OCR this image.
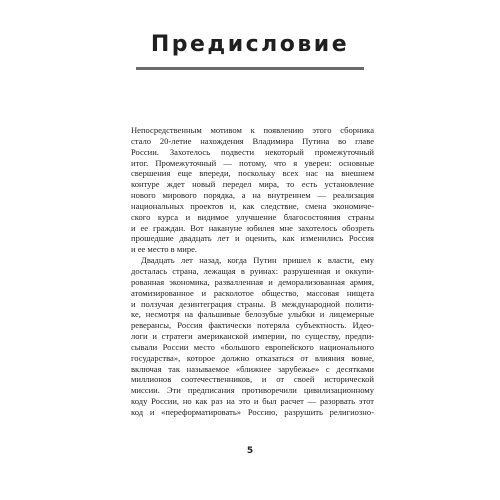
Предисловие

Непосредственным мотивом к появлению этого сборника
стало 20-летие нахождения Владимира Путина во главе
России. Захотелось подвести некоторый промежуточный
итог. Промежуточный — потому, что я уверен: основные
свершения еще впереди, поскольку всех нас на внешнем
контуре ждет новый передел мира, то есть установление
нового мирового порядка, а на внутреннем — реализация
национальных проектов и, как следствие, смена экономиче-
ского курса и видимое улучшение благосостояния страны
и ее граждан. Вот накануне юбилея мне захотелось обозреть
прошедшие двадцать лет и оценить, как изменились Россия
и ее место в мире.

Двадцать лет назад, когда Путин пришел к власти, ему
досталась страна, лежащая в руинах: разрушенная и оккупи-
рованная экономика, развалленная и деморализованная армия,
атомизированное и расколотое общество, массовая нищета
и ползучая дезинтеграция страны. В международной полити-
ке, несмотря на фальшивые белозубые улыбки и лицемерные
реверансы, Россия фактически потеряла субъектность. Идео-
логи и стратеги американской империи, по существу, предпи-
сывали России место «большого европейского национального
государства», которое должно отказаться от влияния вовне,
включая так называемое «ближнее зарубежье» с десятками
миллионов соотечественников, и от своей исторической
миссии. Эти предписания противоречили цивилизационному
коду России, но как раз на это и был расчет — разорвать этот
код и «переформатировать» Россию, разрушить религиозно-

5
